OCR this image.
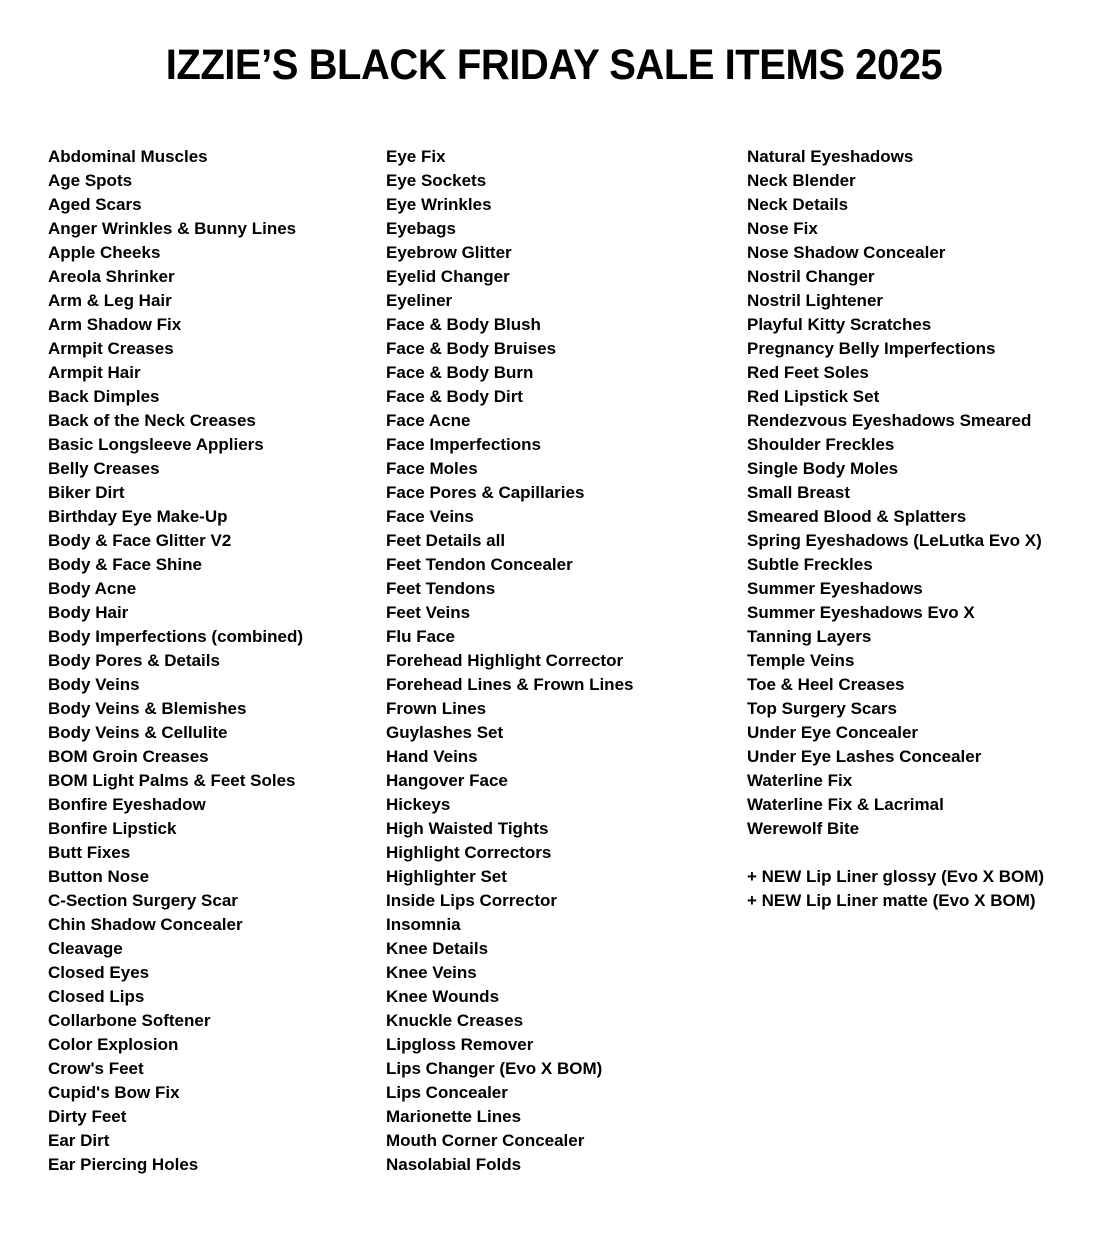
IZZIE’S BLACK FRIDAY SALE ITEMS 2025
Abdominal Muscles
Age Spots
Aged Scars
Anger Wrinkles & Bunny Lines
Apple Cheeks
Areola Shrinker
Arm & Leg Hair
Arm Shadow Fix
Armpit Creases
Armpit Hair
Back Dimples
Back of the Neck Creases
Basic Longsleeve Appliers
Belly Creases
Biker Dirt
Birthday Eye Make-Up
Body & Face Glitter V2
Body & Face Shine
Body Acne
Body Hair
Body Imperfections (combined)
Body Pores & Details
Body Veins
Body Veins & Blemishes
Body Veins & Cellulite
BOM Groin Creases
BOM Light Palms & Feet Soles
Bonfire Eyeshadow
Bonfire Lipstick
Butt Fixes
Button Nose
C-Section Surgery Scar
Chin Shadow Concealer
Cleavage
Closed Eyes
Closed Lips
Collarbone Softener
Color Explosion
Crow's Feet
Cupid's Bow Fix
Dirty Feet
Ear Dirt
Ear Piercing Holes
Eye Fix
Eye Sockets
Eye Wrinkles
Eyebags
Eyebrow Glitter
Eyelid Changer
Eyeliner
Face & Body Blush
Face & Body Bruises
Face & Body Burn
Face & Body Dirt
Face Acne
Face Imperfections
Face Moles
Face Pores & Capillaries
Face Veins
Feet Details all
Feet Tendon Concealer
Feet Tendons
Feet Veins
Flu Face
Forehead Highlight Corrector
Forehead Lines & Frown Lines
Frown Lines
Guylashes Set
Hand Veins
Hangover Face
Hickeys
High Waisted Tights
Highlight Correctors
Highlighter Set
Inside Lips Corrector
Insomnia
Knee Details
Knee Veins
Knee Wounds
Knuckle Creases
Lipgloss Remover
Lips Changer (Evo X BOM)
Lips Concealer
Marionette Lines
Mouth Corner Concealer
Nasolabial Folds
Natural Eyeshadows
Neck Blender
Neck Details
Nose Fix
Nose Shadow Concealer
Nostril Changer
Nostril Lightener
Playful Kitty Scratches
Pregnancy Belly Imperfections
Red Feet Soles
Red Lipstick Set
Rendezvous Eyeshadows Smeared
Shoulder Freckles
Single Body Moles
Small Breast
Smeared Blood & Splatters
Spring Eyeshadows (LeLutka Evo X)
Subtle Freckles
Summer Eyeshadows
Summer Eyeshadows Evo X
Tanning Layers
Temple Veins
Toe & Heel Creases
Top Surgery Scars
Under Eye Concealer
Under Eye Lashes Concealer
Waterline Fix
Waterline Fix & Lacrimal
Werewolf Bite
+ NEW Lip Liner glossy (Evo X BOM)
+ NEW Lip Liner matte (Evo X BOM)
